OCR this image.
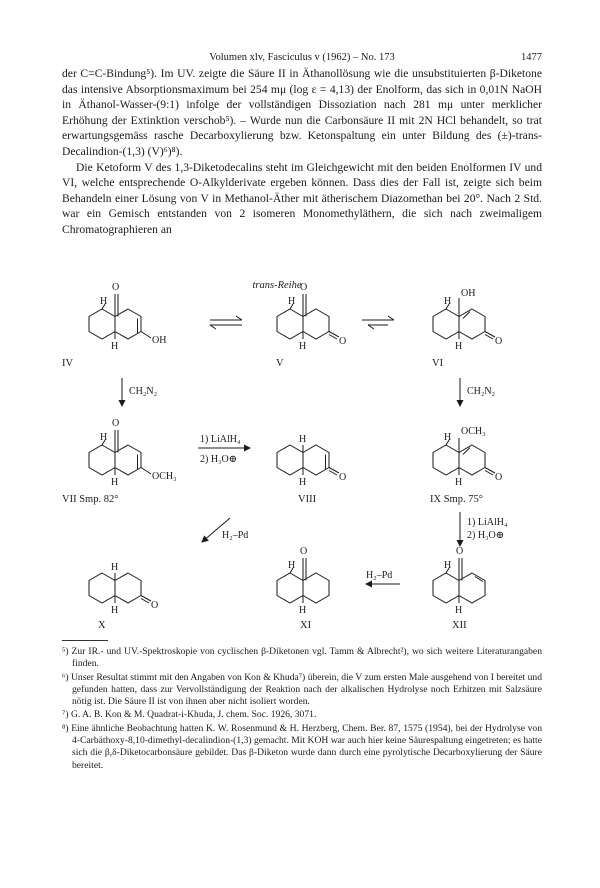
Volumen xlv, Fasciculus v (1962) – No. 173	1477

der C=C-Bindung⁵). Im UV. zeigte die Säure II in Äthanollösung wie die unsubstituierten β-Diketone das intensive Absorptionsmaximum bei 254 mμ (log ε = 4,13) der Enolform, das sich in 0,01N NaOH in Äthanol-Wasser-(9:1) infolge der vollständigen Dissoziation nach 281 mμ unter merklicher Erhöhung der Extinktion verschob⁵). – Wurde nun die Carbonsäure II mit 2N HCl behandelt, so trat erwartungsgemäss rasche Decarboxylierung bzw. Ketonspaltung ein unter Bildung des (±)-trans-Decalindion-(1,3) (V)⁶)⁸).

Die Ketoform V des 1,3-Diketodecalins steht im Gleichgewicht mit den beiden Enolformen IV und VI, welche entsprechende O-Alkylderivate ergeben können. Dass dies der Fall ist, zeigte sich beim Behandeln einer Lösung von V in Methanol-Äther mit ätherischem Diazomethan bei 20°. Nach 2 Std. war ein Gemisch entstanden von 2 isomeren Monomethyläthern, die sich nach zweimaligem Chromatographieren an

trans-Reihe
O
H
H
OH
IV
O
H
H	O
V
OH
H
H	O
VI
CH₂N₂	CH₂N₂
O
H
H
OCH₃
VII Smp. 82°
1) LiAlH₄
2) H₃O⊕
H
H	O
VIII
OCH₃
H
H	O
IX Smp. 75°
H₂–Pd
1) LiAlH₄
2) H₃O⊕
H
H	O
X
O
H
H
XI
H₂–Pd
O
H
H
XII

⁵) Zur IR.- und UV.-Spektroskopie von cyclischen β-Diketonen vgl. Tamm & Albrecht²), wo sich weitere Literaturangaben finden.

⁶) Unser Resultat stimmt mit den Angaben von Kon & Khuda⁷) überein, die V zum ersten Male ausgehend von I bereitet und gefunden hatten, dass zur Vervollständigung der Reaktion nach der alkalischen Hydrolyse noch Erhitzen mit Salzsäure nötig ist. Die Säure II ist von ihnen aber nicht isoliert worden.

⁷) G. A. B. Kon & M. Quadrat-i-Khuda, J. chem. Soc. 1926, 3071.

⁸) Eine ähnliche Beobachtung hatten K. W. Rosenmund & H. Herzberg, Chem. Ber. 87, 1575 (1954), bei der Hydrolyse von 4-Carbäthoxy-8,10-dimethyl-decalindion-(1,3) gemacht. Mit KOH war auch hier keine Säurespaltung eingetreten; es hatte sich die β,δ-Diketocarbonsäure gebildet. Das β-Diketon wurde dann durch eine pyrolytische Decarboxylierung der Säure bereitet.
